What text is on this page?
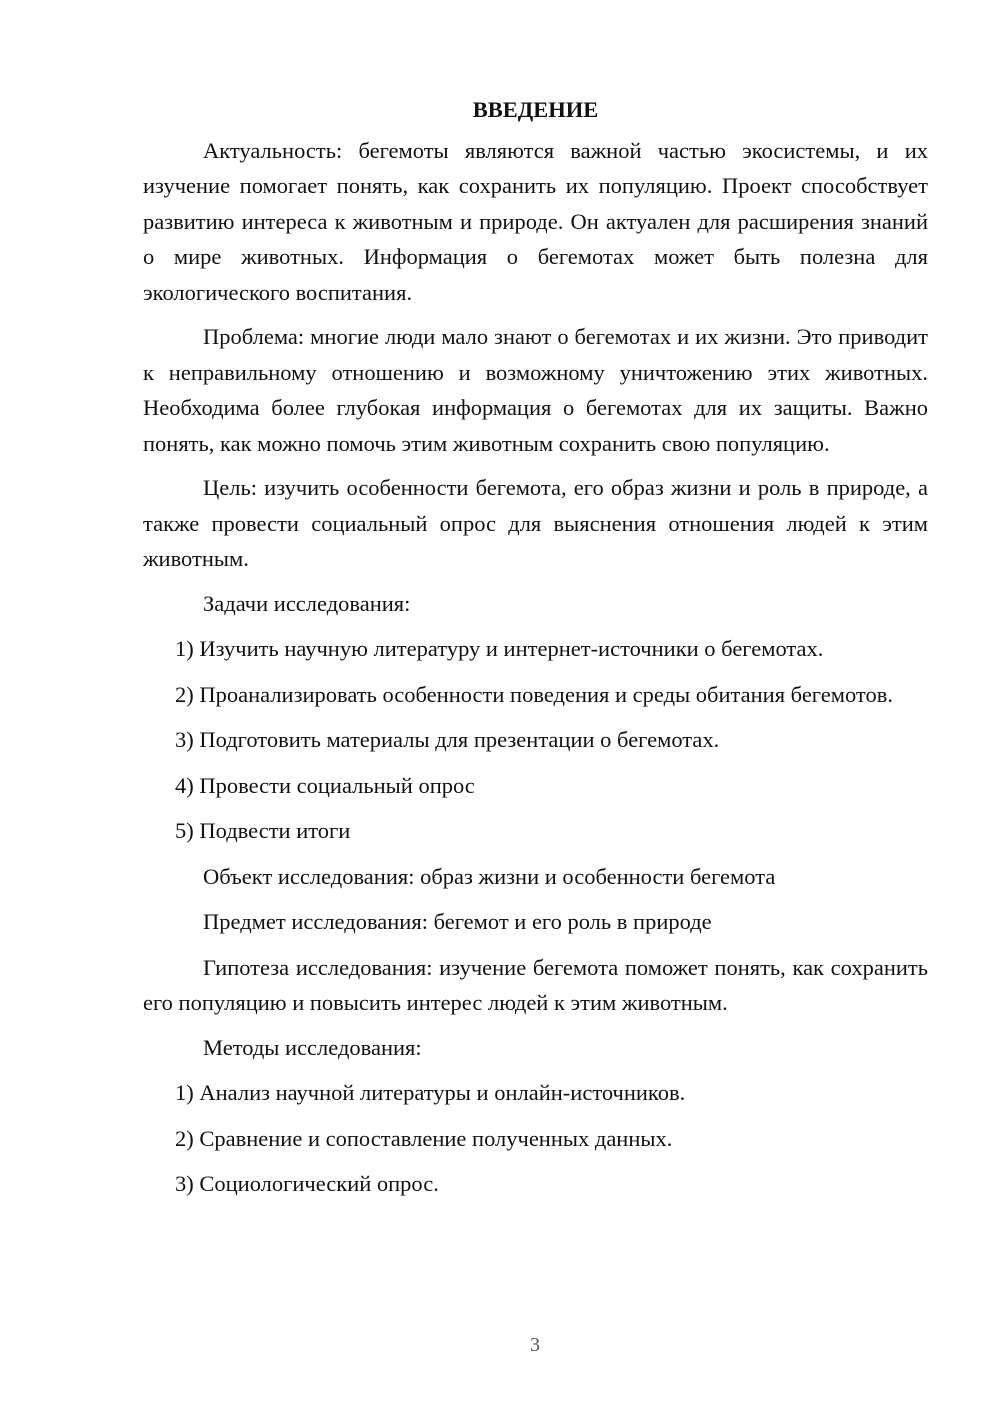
ВВЕДЕНИЕ

Актуальность: бегемоты являются важной частью экосистемы, и их изучение помогает понять, как сохранить их популяцию. Проект способствует развитию интереса к животным и природе. Он актуален для расширения знаний о мире животных. Информация о бегемотах может быть полезна для экологического воспитания.

Проблема: многие люди мало знают о бегемотах и их жизни. Это приводит к неправильному отношению и возможному уничтожению этих животных. Необходима более глубокая информация о бегемотах для их защиты. Важно понять, как можно помочь этим животным сохранить свою популяцию.

Цель: изучить особенности бегемота, его образ жизни и роль в природе, а также провести социальный опрос для выяснения отношения людей к этим животным.

Задачи исследования:

1) Изучить научную литературу и интернет-источники о бегемотах.

2) Проанализировать особенности поведения и среды обитания бегемотов.

3) Подготовить материалы для презентации о бегемотах.

4) Провести социальный опрос

5) Подвести итоги

Объект исследования: образ жизни и особенности бегемота

Предмет исследования: бегемот и его роль в природе

Гипотеза исследования: изучение бегемота поможет понять, как сохранить его популяцию и повысить интерес людей к этим животным.

Методы исследования:

1) Анализ научной литературы и онлайн-источников.

2) Сравнение и сопоставление полученных данных.

3) Социологический опрос.

3
